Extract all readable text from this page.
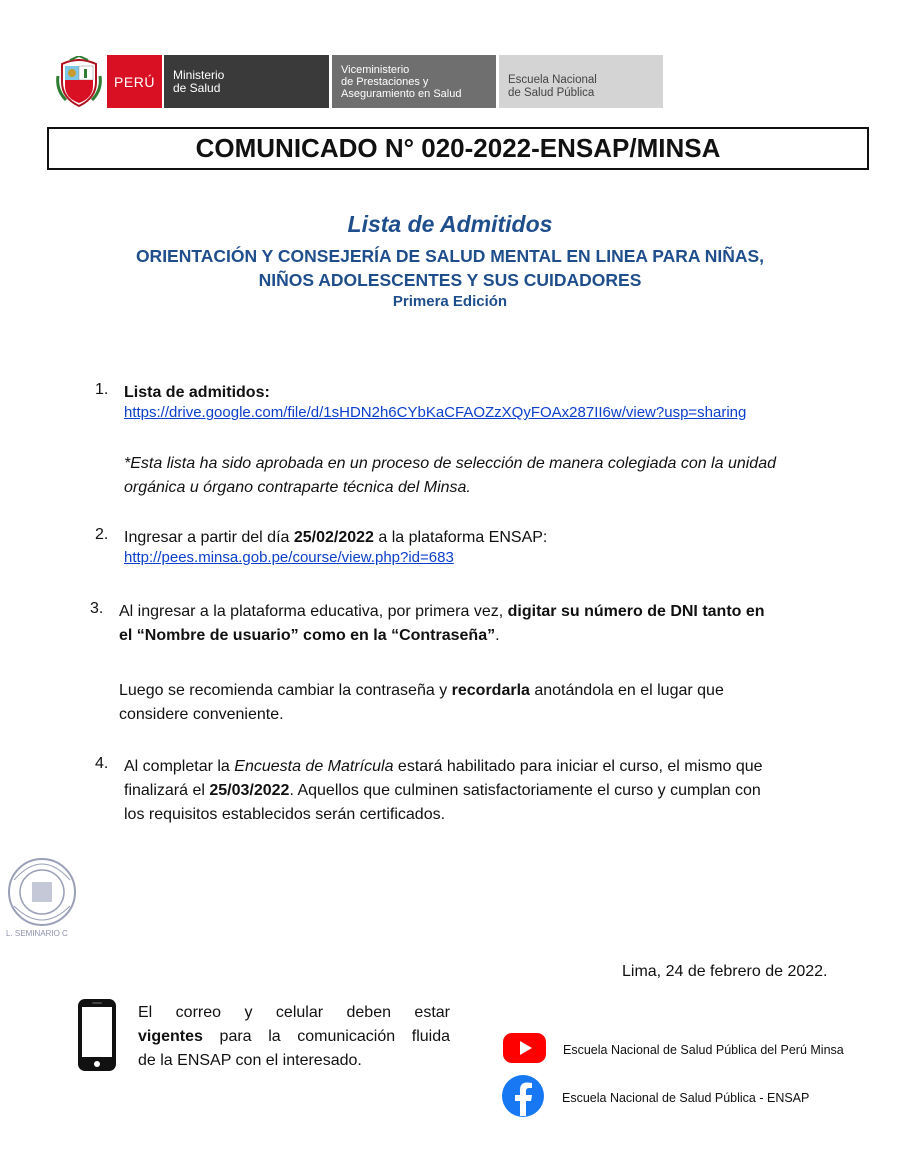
PERÚ Ministerio
de Salud
Viceministerio
de Prestaciones y
Aseguramiento en Salud
Escuela Nacional
de Salud Pública
COMUNICADO N° 020-2022-ENSAP/MINSA
Lista de Admitidos
ORIENTACIÓN Y CONSEJERÍA DE SALUD MENTAL EN LINEA PARA NIÑAS,
NIÑOS ADOLESCENTES Y SUS CUIDADORES
Primera Edición
1. Lista de admitidos:
https://drive.google.com/file/d/1sHDN2h6CYbKaCFAOZzXQyFOAx287II6w/view?usp=sharing
*Esta lista ha sido aprobada en un proceso de selección de manera colegiada con la unidad
orgánica u órgano contraparte técnica del Minsa.
2. Ingresar a partir del día 25/02/2022 a la plataforma ENSAP:
http://pees.minsa.gob.pe/course/view.php?id=683
3. Al ingresar a la plataforma educativa, por primera vez, digitar su número de DNI tanto en
el “Nombre de usuario” como en la “Contraseña”.
Luego se recomienda cambiar la contraseña y recordarla anotándola en el lugar que
considere conveniente.
4. Al completar la Encuesta de Matrícula estará habilitado para iniciar el curso, el mismo que
finalizará el 25/03/2022. Aquellos que culminen satisfactoriamente el curso y cumplan con
los requisitos establecidos serán certificados.
L. SEMINARIO C
Lima, 24 de febrero de 2022.
El correo y celular deben estar
vigentes para la comunicación fluida
de la ENSAP con el interesado.
Escuela Nacional de Salud Pública del Perú Minsa
Escuela Nacional de Salud Pública - ENSAP
